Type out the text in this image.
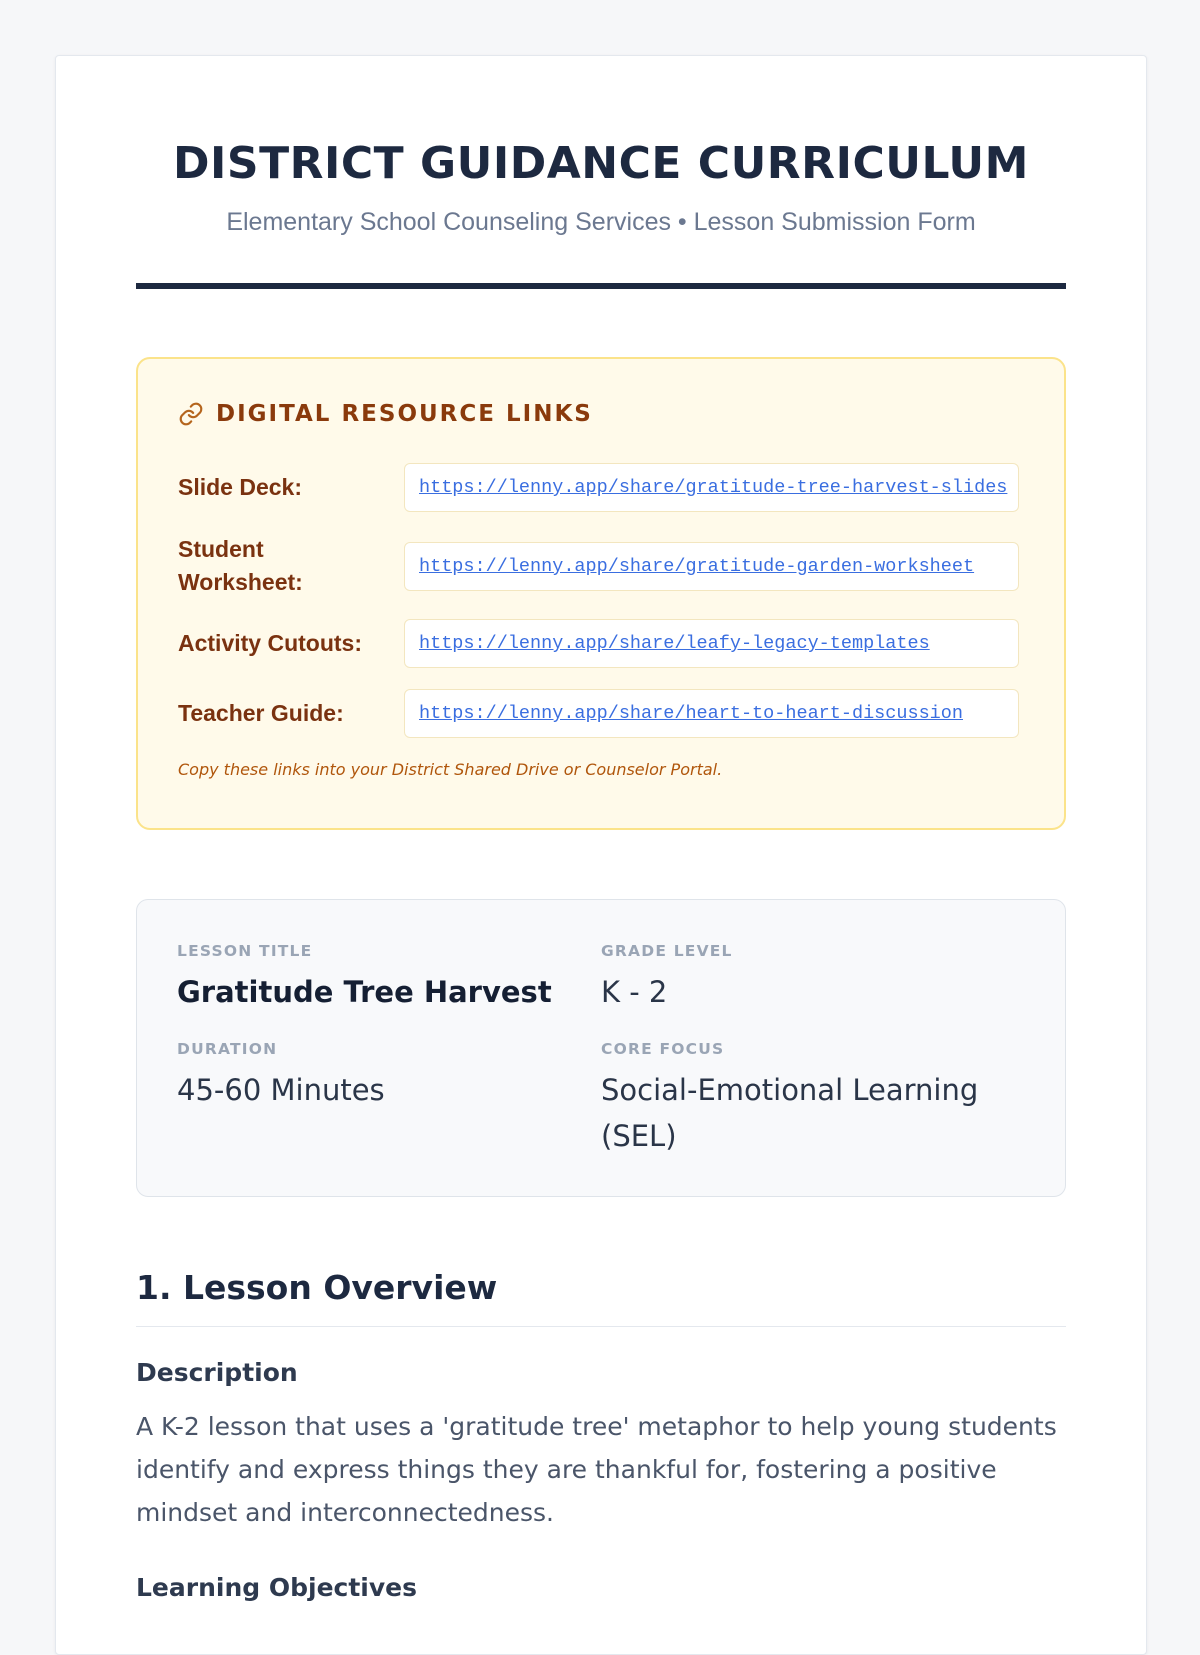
DISTRICT GUIDANCE CURRICULUM
Elementary School Counseling Services • Lesson Submission Form
DIGITAL RESOURCE LINKS
Slide Deck:	https://lenny.app/share/gratitude-tree-harvest-slides
Student Worksheet:
https://lenny.app/share/gratitude-garden-worksheet
Activity Cutouts:	https://lenny.app/share/leafy-legacy-templates
Teacher Guide:	https://lenny.app/share/heart-to-heart-discussion
Copy these links into your District Shared Drive or Counselor Portal.
LESSON TITLE
Gratitude Tree Harvest
GRADE LEVEL
K - 2
DURATION
45-60 Minutes
CORE FOCUS
Social-Emotional Learning (SEL)
1. Lesson Overview
Description
A K-2 lesson that uses a 'gratitude tree' metaphor to help young students identify and express things they are thankful for, fostering a positive mindset and interconnectedness.
Learning Objectives
